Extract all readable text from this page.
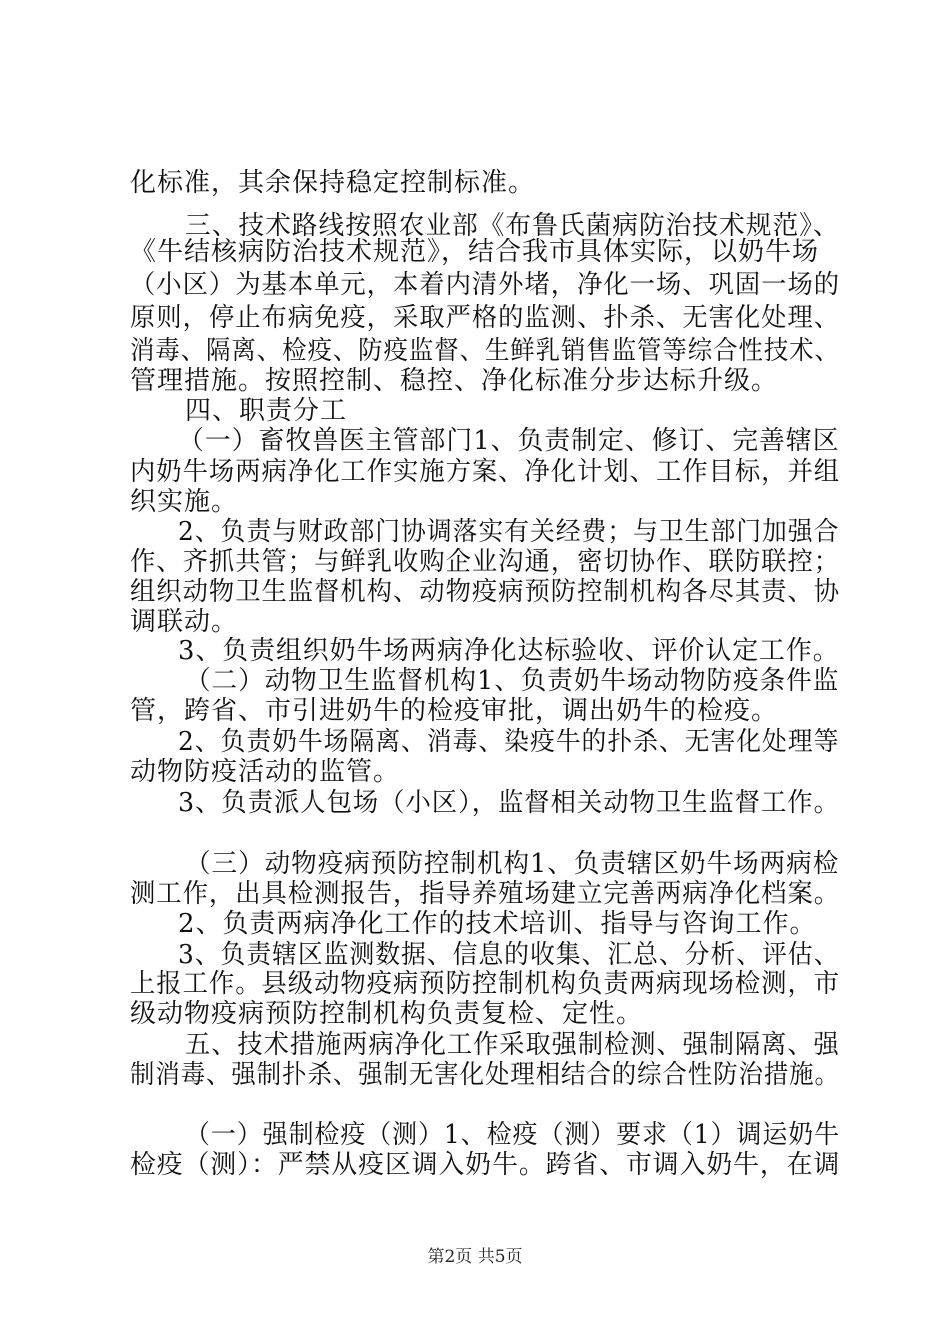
化标准，其余保持稳定控制标准。
三、技术路线按照农业部《布鲁氏菌病防治技术规范》、
《牛结核病防治技术规范》，结合我市具体实际，以奶牛场
（小区）为基本单元，本着内清外堵，净化一场、巩固一场的
原则，停止布病免疫，采取严格的监测、扑杀、无害化处理、
消毒、隔离、检疫、防疫监督、生鲜乳销售监管等综合性技术、
管理措施。按照控制、稳控、净化标准分步达标升级。
四、职责分工
（一）畜牧兽医主管部门1、负责制定、修订、完善辖区
内奶牛场两病净化工作实施方案、净化计划、工作目标，并组
织实施。
2、负责与财政部门协调落实有关经费；与卫生部门加强合
作、齐抓共管；与鲜乳收购企业沟通，密切协作、联防联控；
组织动物卫生监督机构、动物疫病预防控制机构各尽其责、协
调联动。
3、负责组织奶牛场两病净化达标验收、评价认定工作。
（二）动物卫生监督机构1、负责奶牛场动物防疫条件监
管，跨省、市引进奶牛的检疫审批，调出奶牛的检疫。
2、负责奶牛场隔离、消毒、染疫牛的扑杀、无害化处理等
动物防疫活动的监管。
3、负责派人包场（小区），监督相关动物卫生监督工作。
（三）动物疫病预防控制机构1、负责辖区奶牛场两病检
测工作，出具检测报告，指导养殖场建立完善两病净化档案。
2、负责两病净化工作的技术培训、指导与咨询工作。
3、负责辖区监测数据、信息的收集、汇总、分析、评估、
上报工作。县级动物疫病预防控制机构负责两病现场检测，市
级动物疫病预防控制机构负责复检、定性。
五、技术措施两病净化工作采取强制检测、强制隔离、强
制消毒、强制扑杀、强制无害化处理相结合的综合性防治措施。
（一）强制检疫（测）1、检疫（测）要求（1）调运奶牛
检疫（测）：严禁从疫区调入奶牛。跨省、市调入奶牛，在调
第2页 共5页
